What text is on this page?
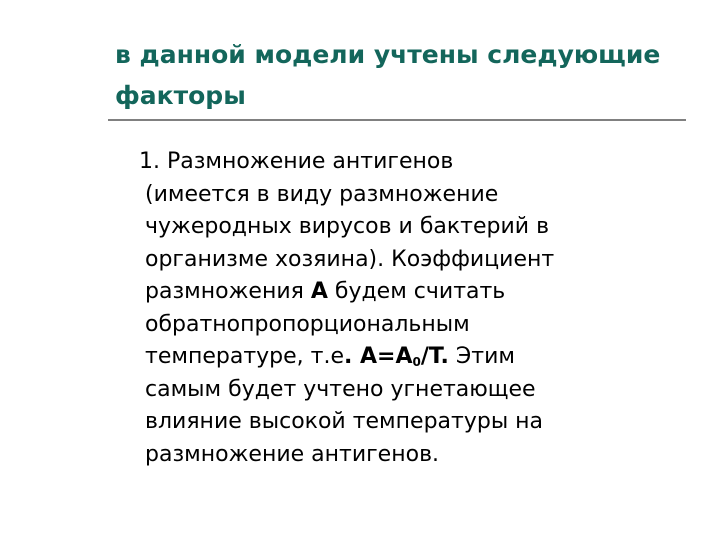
в данной модели учтены следующие
факторы
1. Размножение антигенов
(имеется в виду размножение
чужеродных вирусов и бактерий в
организме хозяина). Коэффициент
размножения A будем считать
обратнопропорциональным
температуре, т.е. $A=A_0/T$. Этим
самым будет учтено угнетающее
влияние высокой температуры на
размножение антигенов.
